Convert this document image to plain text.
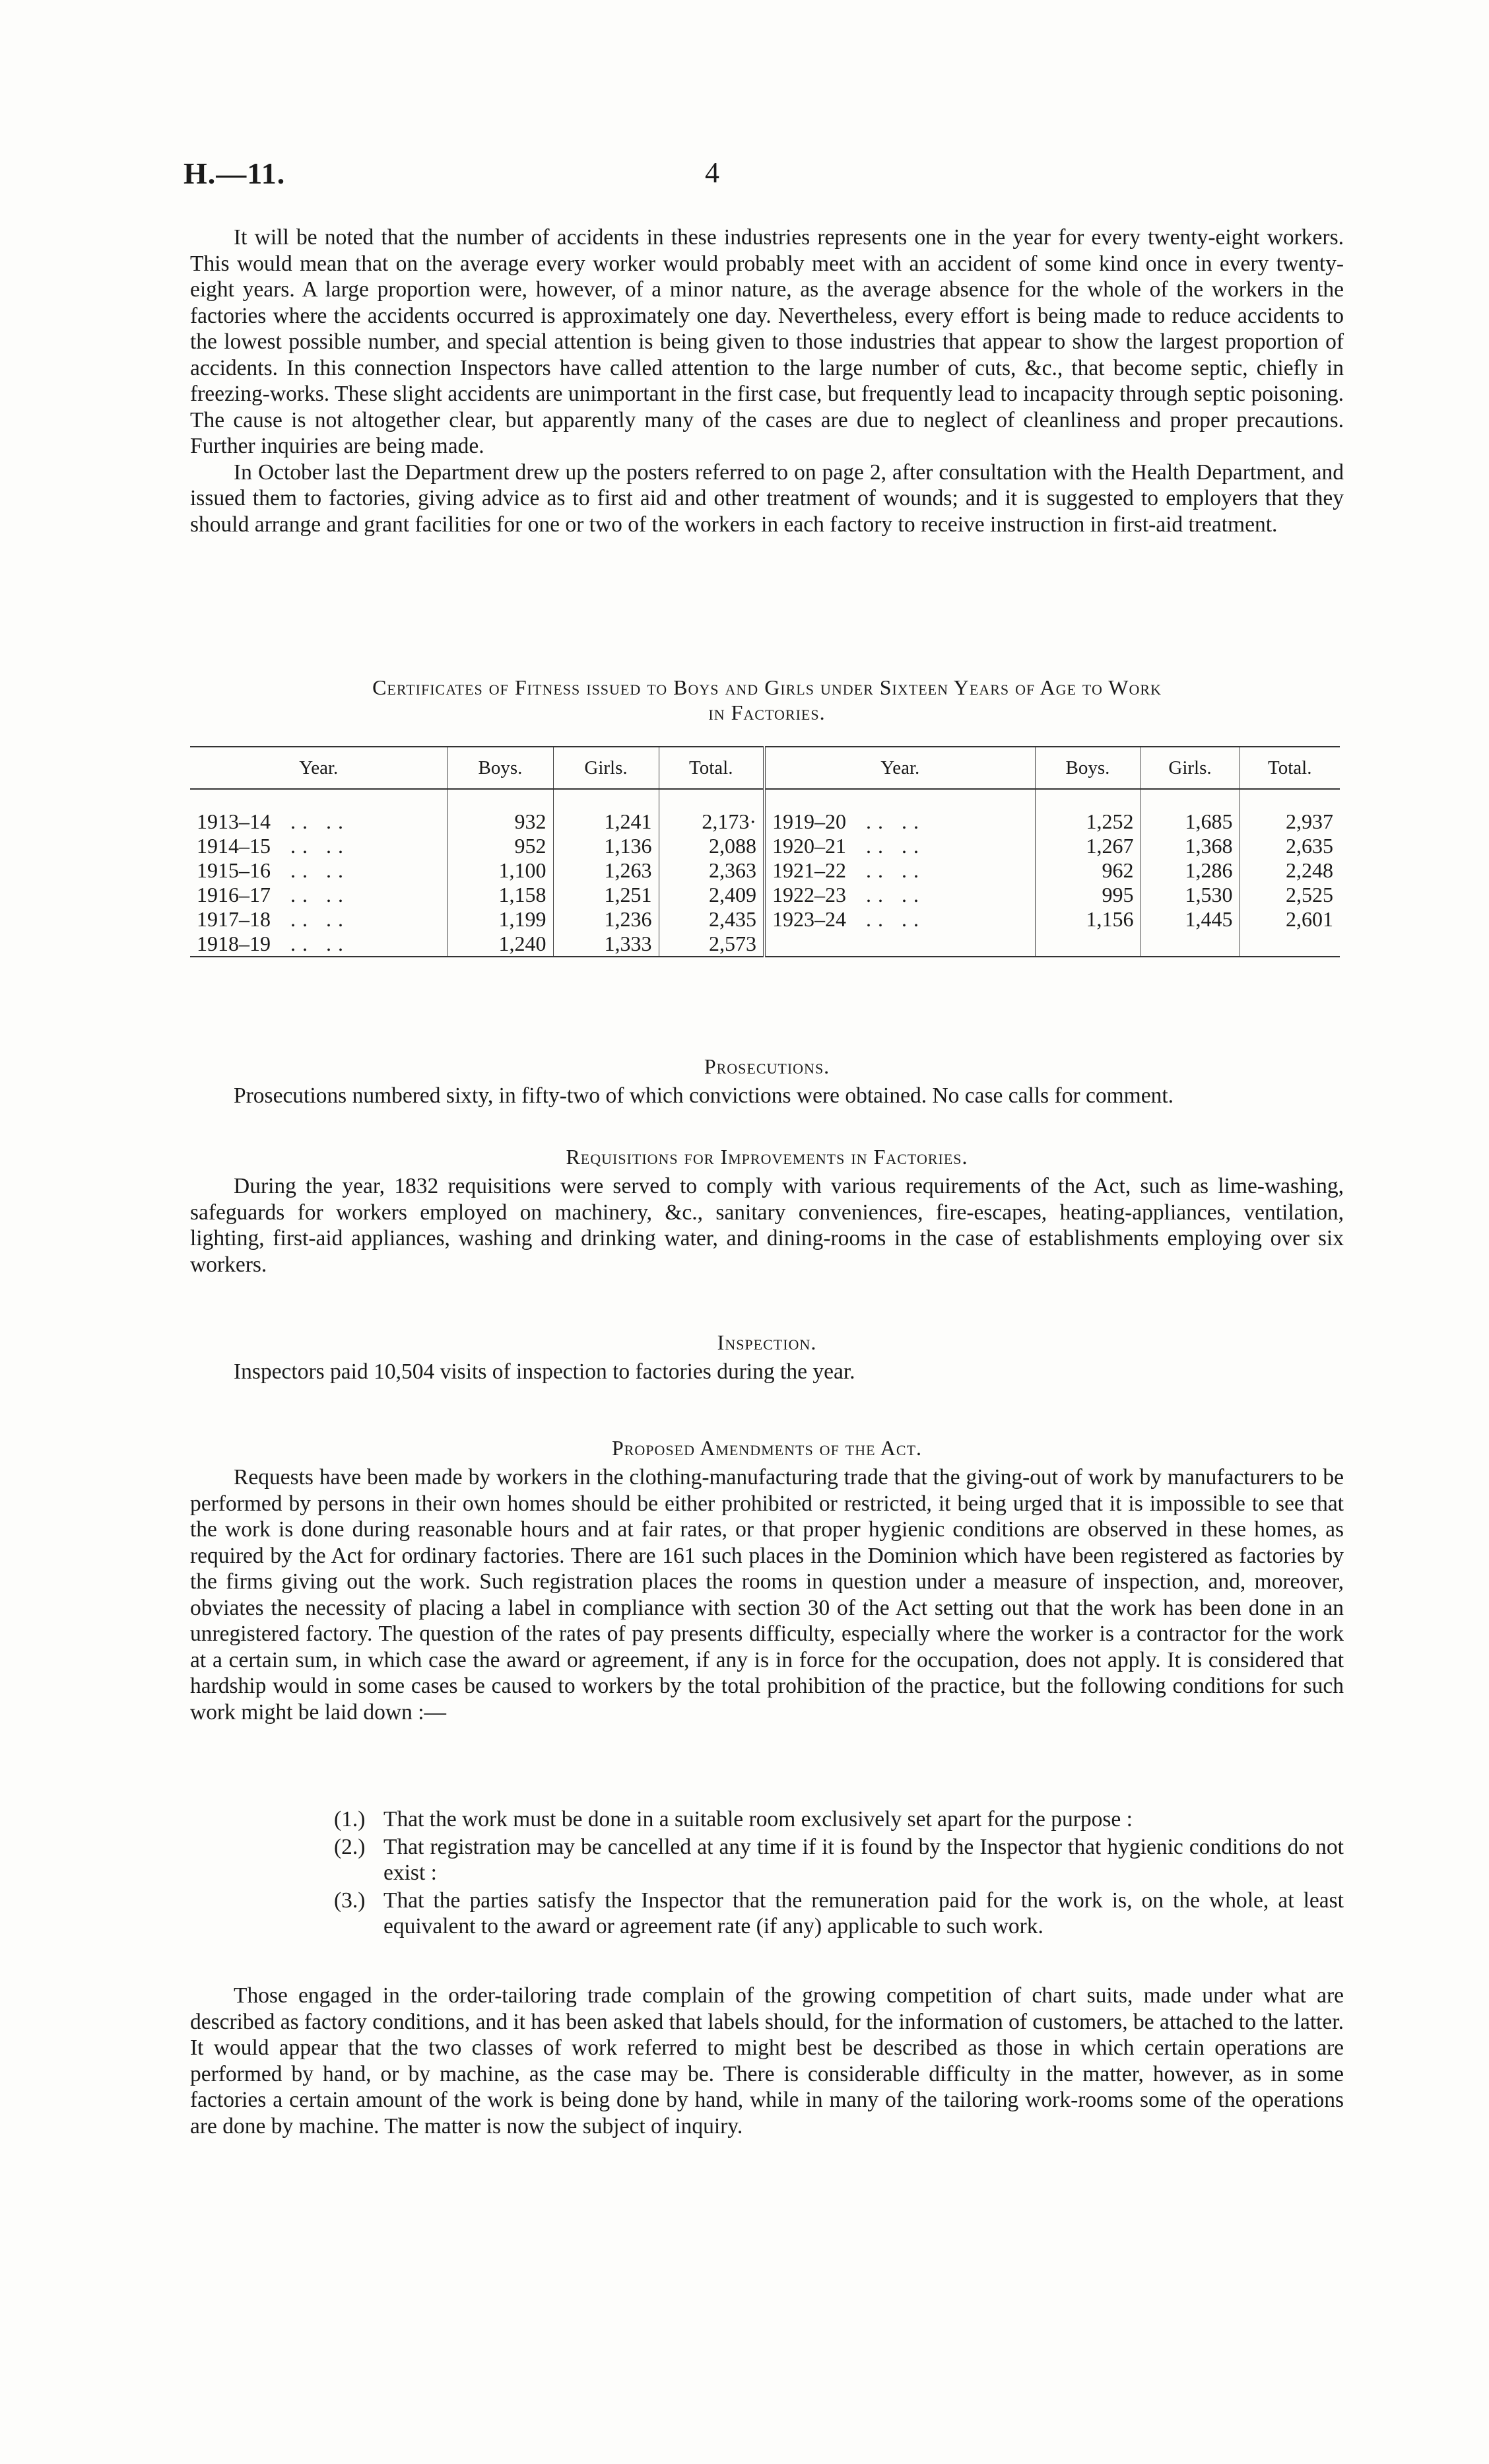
H.—11.	4

It will be noted that the number of accidents in these industries represents one in the year for every twenty-eight workers. This would mean that on the average every worker would probably meet with an accident of some kind once in every twenty-eight years. A large proportion were, however, of a minor nature, as the average absence for the whole of the workers in the factories where the accidents occurred is approximately one day. Nevertheless, every effort is being made to reduce accidents to the lowest possible number, and special attention is being given to those industries that appear to show the largest proportion of accidents. In this connection Inspectors have called attention to the large number of cuts, &c., that become septic, chiefly in freezing-works. These slight accidents are unimportant in the first case, but frequently lead to incapacity through septic poisoning. The cause is not altogether clear, but apparently many of the cases are due to neglect of cleanliness and proper precautions. Further inquiries are being made.

In October last the Department drew up the posters referred to on page 2, after consultation with the Health Department, and issued them to factories, giving advice as to first aid and other treatment of wounds; and it is suggested to employers that they should arrange and grant facilities for one or two of the workers in each factory to receive instruction in first-aid treatment.

Certificates of Fitness issued to Boys and Girls under Sixteen Years of Age to Work
in Factories.
Year.	Boys.	Girls.	Total.	Year.	Boys.	Girls.	Total.
1913–14 .. ..	932	1,241	2,173·	1919–20 .. ..	1,252	1,685	2,937
1914–15 .. ..	952	1,136	2,088	1920–21 .. ..	1,267	1,368	2,635
1915–16 .. ..	1,100	1,263	2,363	1921–22 .. ..	962	1,286	2,248
1916–17 .. ..	1,158	1,251	2,409	1922–23 .. ..	995	1,530	2,525
1917–18 .. ..	1,199	1,236	2,435	1923–24 .. ..	1,156	1,445	2,601
1918–19 .. ..	1,240	1,333	2,573				
Prosecutions.

Prosecutions numbered sixty, in fifty-two of which convictions were obtained. No case calls for comment.

Requisitions for Improvements in Factories.

During the year, 1832 requisitions were served to comply with various requirements of the Act, such as lime-washing, safeguards for workers employed on machinery, &c., sanitary conveniences, fire-escapes, heating-appliances, ventilation, lighting, first-aid appliances, washing and drinking water, and dining-rooms in the case of establishments employing over six workers.

Inspection.

Inspectors paid 10,504 visits of inspection to factories during the year.

Proposed Amendments of the Act.

Requests have been made by workers in the clothing-manufacturing trade that the giving-out of work by manufacturers to be performed by persons in their own homes should be either prohibited or restricted, it being urged that it is impossible to see that the work is done during reasonable hours and at fair rates, or that proper hygienic conditions are observed in these homes, as required by the Act for ordinary factories. There are 161 such places in the Dominion which have been registered as factories by the firms giving out the work. Such registration places the rooms in question under a measure of inspection, and, moreover, obviates the necessity of placing a label in compliance with section 30 of the Act setting out that the work has been done in an unregistered factory. The question of the rates of pay presents difficulty, especially where the worker is a contractor for the work at a certain sum, in which case the award or agreement, if any is in force for the occupation, does not apply. It is considered that hardship would in some cases be caused to workers by the total prohibition of the practice, but the following conditions for such work might be laid down :—

(1.) That the work must be done in a suitable room exclusively set apart for the purpose :
(2.) That registration may be cancelled at any time if it is found by the Inspector that hygienic conditions do not exist :
(3.) That the parties satisfy the Inspector that the remuneration paid for the work is, on the whole, at least equivalent to the award or agreement rate (if any) applicable to such work.

Those engaged in the order-tailoring trade complain of the growing competition of chart suits, made under what are described as factory conditions, and it has been asked that labels should, for the information of customers, be attached to the latter. It would appear that the two classes of work referred to might best be described as those in which certain operations are performed by hand, or by machine, as the case may be. There is considerable difficulty in the matter, however, as in some factories a certain amount of the work is being done by hand, while in many of the tailoring work-rooms some of the operations are done by machine. The matter is now the subject of inquiry.
